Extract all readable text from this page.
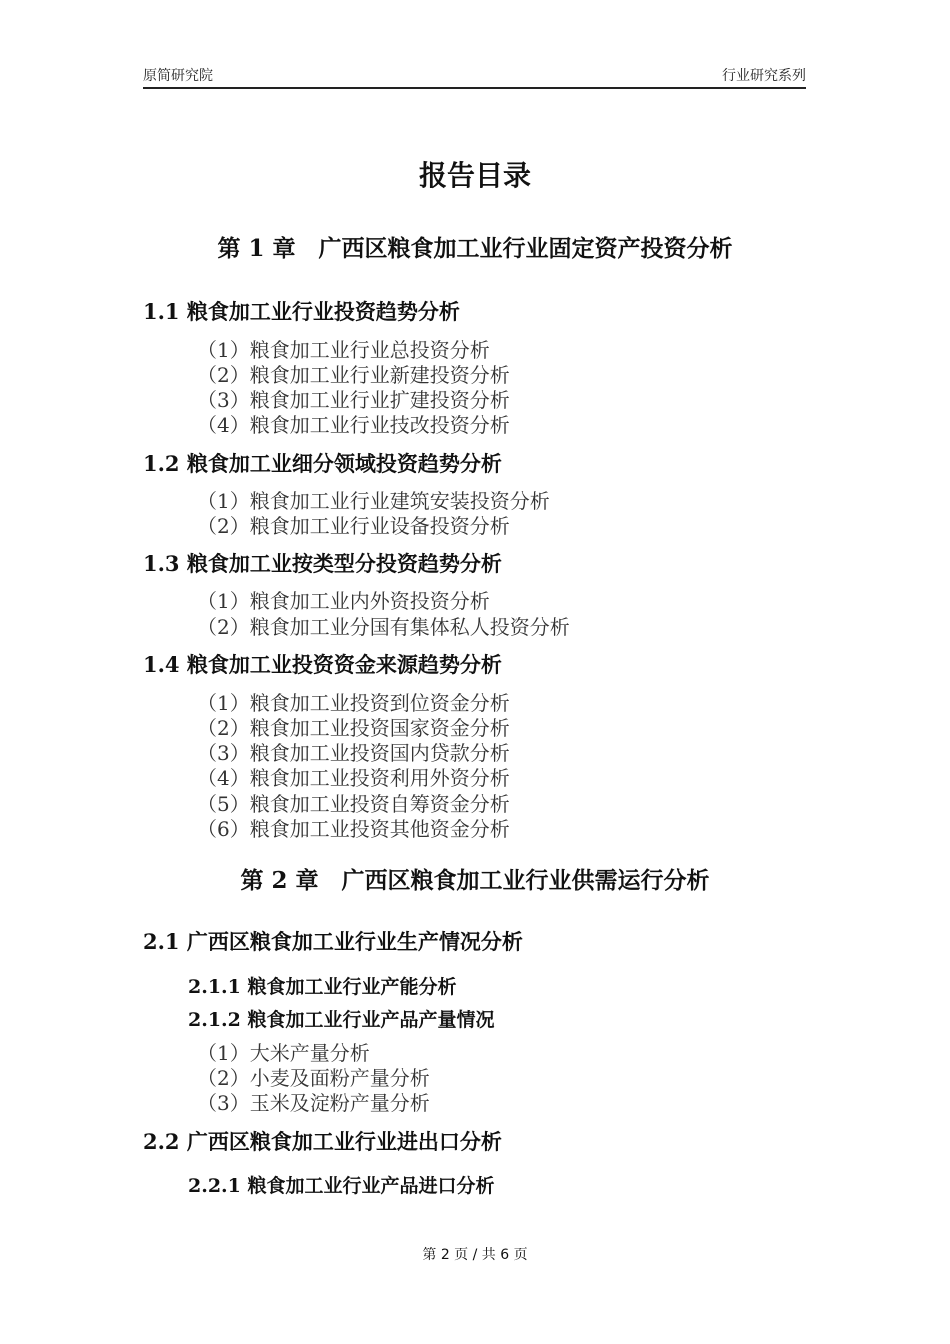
原简研究院	行业研究系列
报告目录
第 1 章　广西区粮食加工业行业固定资产投资分析
1.1 粮食加工业行业投资趋势分析
（1）粮食加工业行业总投资分析
（2）粮食加工业行业新建投资分析
（3）粮食加工业行业扩建投资分析
（4）粮食加工业行业技改投资分析
1.2 粮食加工业细分领域投资趋势分析
（1）粮食加工业行业建筑安装投资分析
（2）粮食加工业行业设备投资分析
1.3 粮食加工业按类型分投资趋势分析
（1）粮食加工业内外资投资分析
（2）粮食加工业分国有集体私人投资分析
1.4 粮食加工业投资资金来源趋势分析
（1）粮食加工业投资到位资金分析
（2）粮食加工业投资国家资金分析
（3）粮食加工业投资国内贷款分析
（4）粮食加工业投资利用外资分析
（5）粮食加工业投资自筹资金分析
（6）粮食加工业投资其他资金分析
第 2 章　广西区粮食加工业行业供需运行分析
2.1 广西区粮食加工业行业生产情况分析
2.1.1 粮食加工业行业产能分析
2.1.2 粮食加工业行业产品产量情况
（1）大米产量分析
（2）小麦及面粉产量分析
（3）玉米及淀粉产量分析
2.2 广西区粮食加工业行业进出口分析
2.2.1 粮食加工业行业产品进口分析
第 2 页 / 共 6 页
